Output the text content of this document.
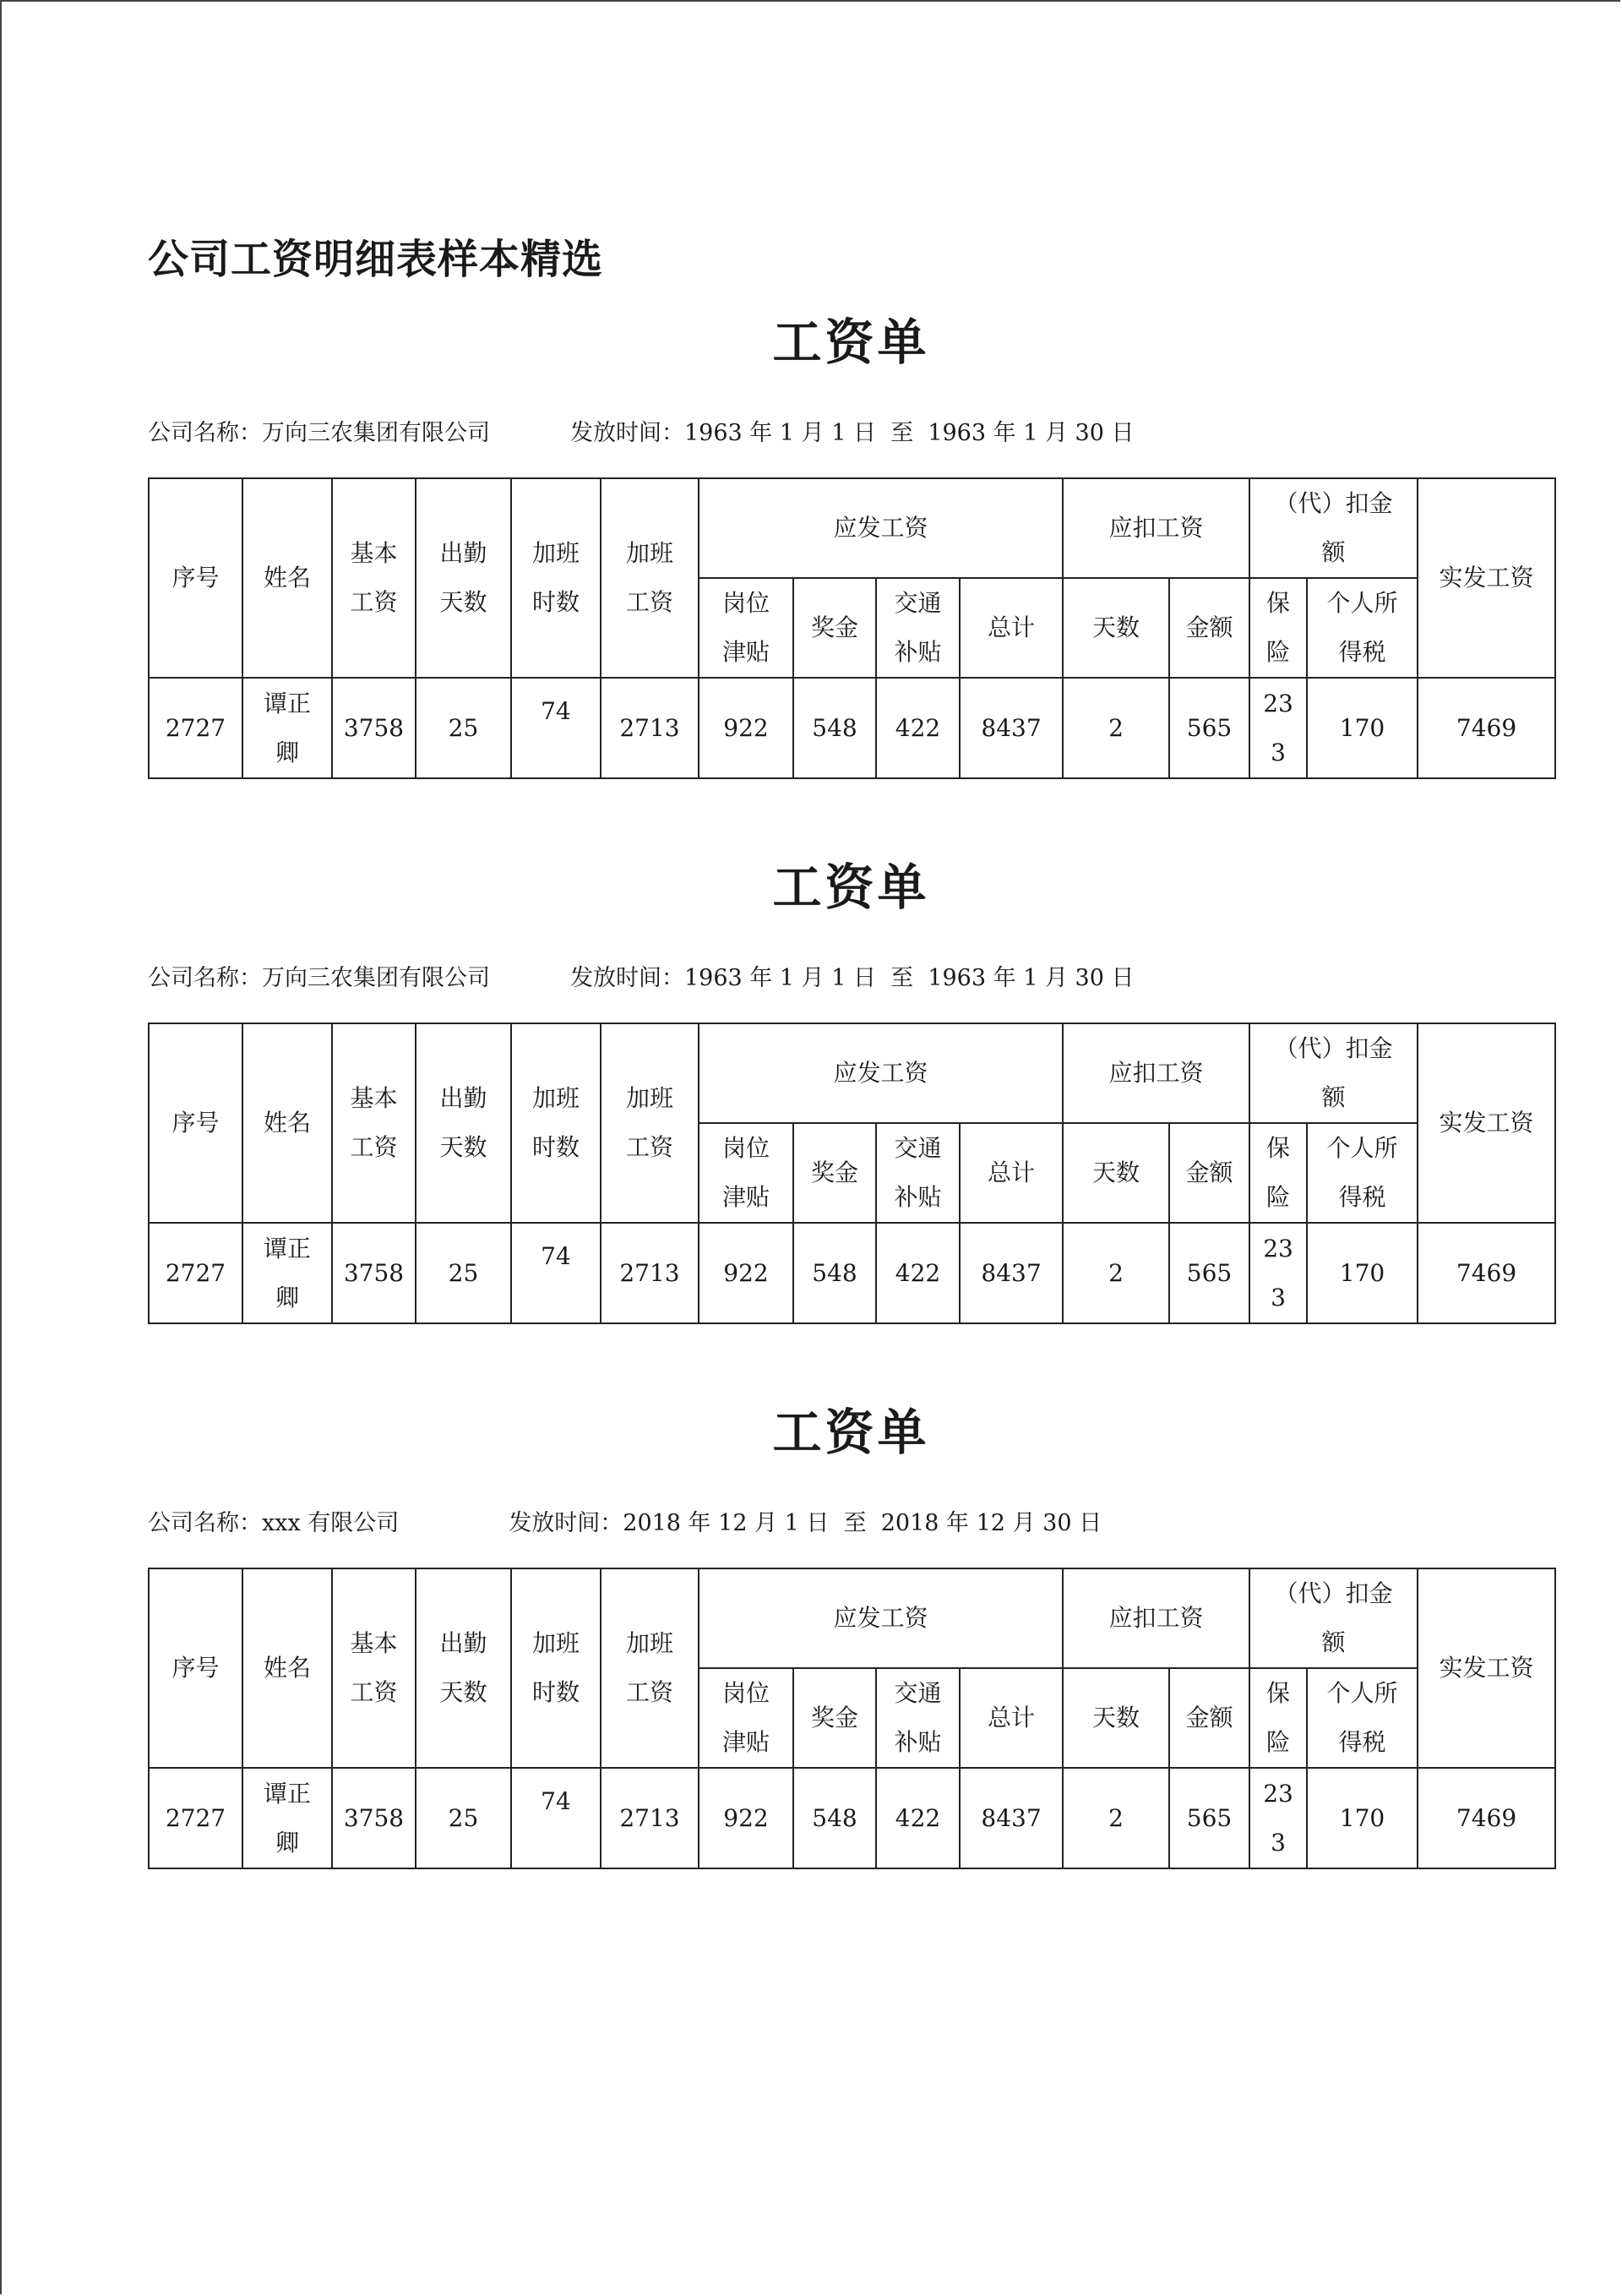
公司工资明细表样本精选
工资单
公司名称：万向三农集团有限公司	发放时间：1963 年 1 月 1 日  至  1963 年 1 月 30 日
序号	姓名	基本工资	出勤天数	加班时数	加班工资	应发工资				应扣工资		（代）扣金额		实发工资
						岗位津贴	奖金	交通补贴	总计	天数	金额	保险	个人所得税	
2727	谭正卿	3758	25	74	2713	922	548	422	8437	2	565	233	170	7469
工资单
公司名称：万向三农集团有限公司	发放时间：1963 年 1 月 1 日  至  1963 年 1 月 30 日
序号	姓名	基本工资	出勤天数	加班时数	加班工资	应发工资				应扣工资		（代）扣金额		实发工资
						岗位津贴	奖金	交通补贴	总计	天数	金额	保险	个人所得税	
2727	谭正卿	3758	25	74	2713	922	548	422	8437	2	565	233	170	7469
工资单
公司名称：xxx 有限公司	发放时间：2018 年 12 月 1 日  至  2018 年 12 月 30 日
序号	姓名	基本工资	出勤天数	加班时数	加班工资	应发工资				应扣工资		（代）扣金额		实发工资
						岗位津贴	奖金	交通补贴	总计	天数	金额	保险	个人所得税	
2727	谭正卿	3758	25	74	2713	922	548	422	8437	2	565	233	170	7469
